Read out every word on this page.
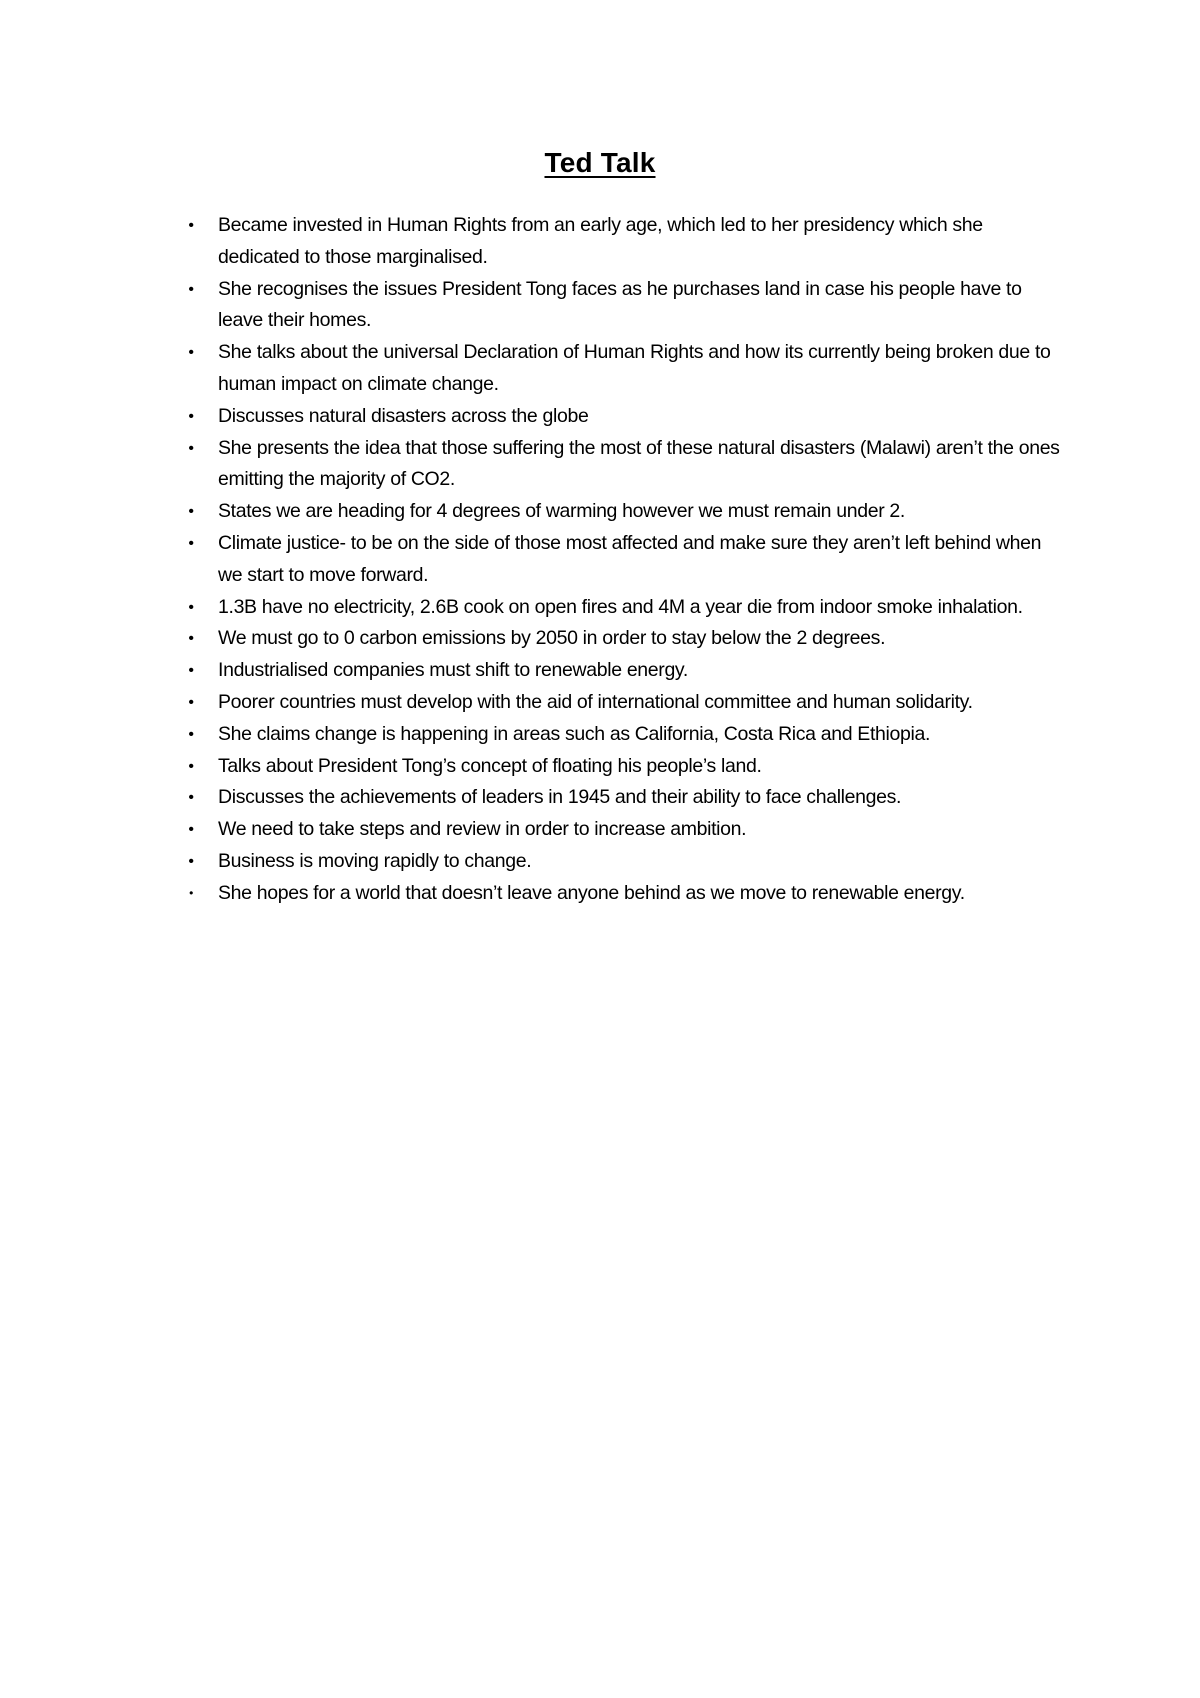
Ted Talk
• Became invested in Human Rights from an early age, which led to her presidency which she dedicated to those marginalised.
• She recognises the issues President Tong faces as he purchases land in case his people have to leave their homes.
• She talks about the universal Declaration of Human Rights and how its currently being broken due to human impact on climate change.
• Discusses natural disasters across the globe
• She presents the idea that those suffering the most of these natural disasters (Malawi) aren’t the ones emitting the majority of CO2.
• States we are heading for 4 degrees of warming however we must remain under 2.
• Climate justice- to be on the side of those most affected and make sure they aren’t left behind when we start to move forward.
• 1.3B have no electricity, 2.6B cook on open fires and 4M a year die from indoor smoke inhalation.
• We must go to 0 carbon emissions by 2050 in order to stay below the 2 degrees.
• Industrialised companies must shift to renewable energy.
• Poorer countries must develop with the aid of international committee and human solidarity.
• She claims change is happening in areas such as California, Costa Rica and Ethiopia.
• Talks about President Tong’s concept of floating his people’s land.
• Discusses the achievements of leaders in 1945 and their ability to face challenges.
• We need to take steps and review in order to increase ambition.
• Business is moving rapidly to change.
• She hopes for a world that doesn’t leave anyone behind as we move to renewable energy.
